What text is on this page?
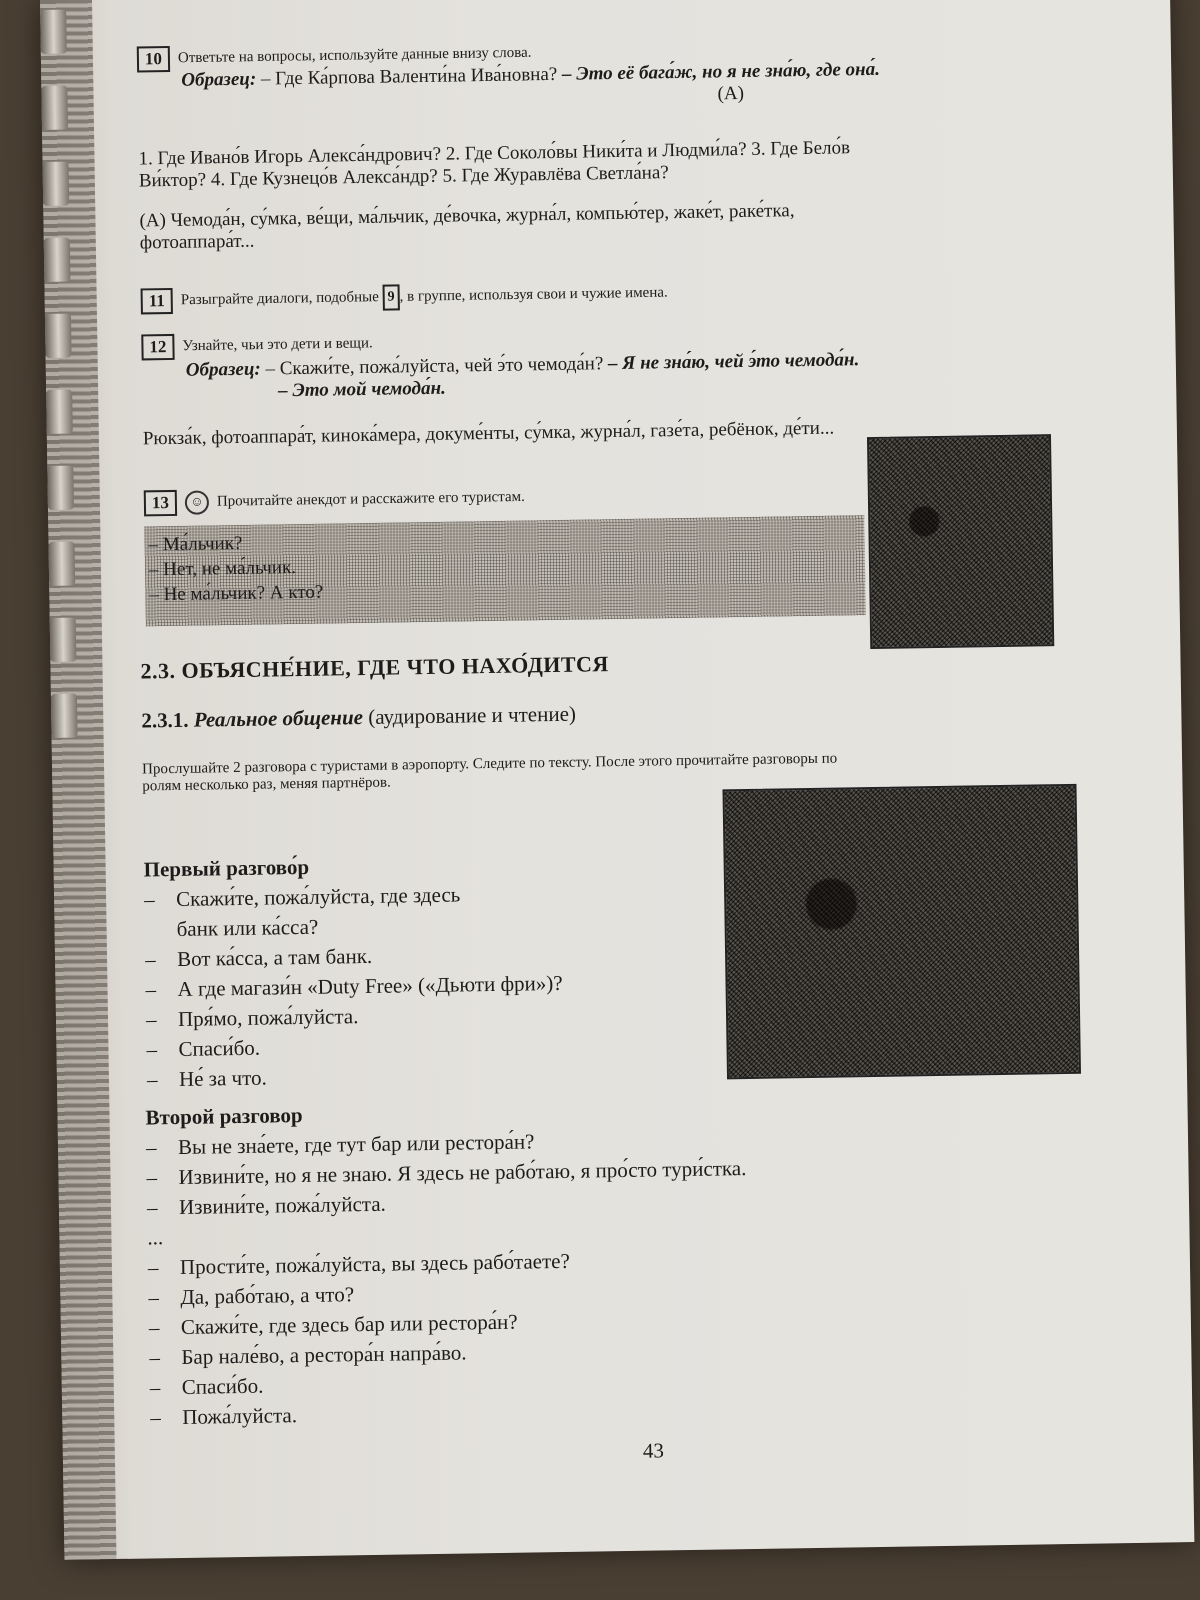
10 Ответьте на вопросы, используйте данные внизу слова.

Образец: – Где Ка́рпова Валенти́на Ива́новна? – Это её бага́ж, но я не зна́ю, где она́.

(A)

1. Где Ивано́в Игорь Алекса́ндрович? 2. Где Соколо́вы Ники́та и Людми́ла? 3. Где Бело́в

Ви́ктор? 4. Где Кузнецо́в Алекса́ндр? 5. Где Журавлёва Светла́на?

(А) Чемода́н, су́мка, ве́щи, ма́льчик, де́вочка, журна́л, компью́тер, жаке́т, раке́тка,

фотоаппара́т...

11 Разыграйте диалоги, подобные 9 , в группе, используя свои и чужие имена.

12 Узнайте, чьи это дети и вещи.

Образец: – Скажи́те, пожа́луйста, чей э́то чемода́н? – Я не зна́ю, чей э́то чемода́н.

– Это мой чемода́н.

Рюкза́к, фотоаппара́т, кинока́мера, докуме́нты, су́мка, журна́л, газе́та, ребёнок, де́ти...

13 ☺ Прочитайте анекдот и расскажите его туристам.

– Ма́льчик?

– Нет, не ма́льчик.

– Не ма́льчик? А кто?

2.3. ОБЪЯСНЕ́НИЕ, ГДЕ ЧТО НАХО́ДИТСЯ

2.3.1. Реальное общение (аудирование и чтение)

Прослушайте 2 разговора с туристами в аэропорту. Следите по тексту. После этого прочитайте разговоры по

ролям несколько раз, меняя партнёров.

Первый разгово́р

– Скажи́те, пожа́луйста, где здесь

банк или ка́сса?

– Вот ка́сса, а там банк.

– А где магази́н «Duty Free» («Дьюти фри»)?

– Пря́мо, пожа́луйста.

– Спаси́бо.

– Не́ за что.

Второй разговор

– Вы не зна́ете, где тут бар или рестора́н?

– Извини́те, но я не знаю. Я здесь не рабо́таю, я про́сто тури́стка.

– Извини́те, пожа́луйста.

...

– Прости́те, пожа́луйста, вы здесь рабо́таете?

– Да, рабо́таю, а что?

– Скажи́те, где здесь бар или рестора́н?

– Бар нале́во, а рестора́н напра́во.

– Спаси́бо.

– Пожа́луйста.

43
